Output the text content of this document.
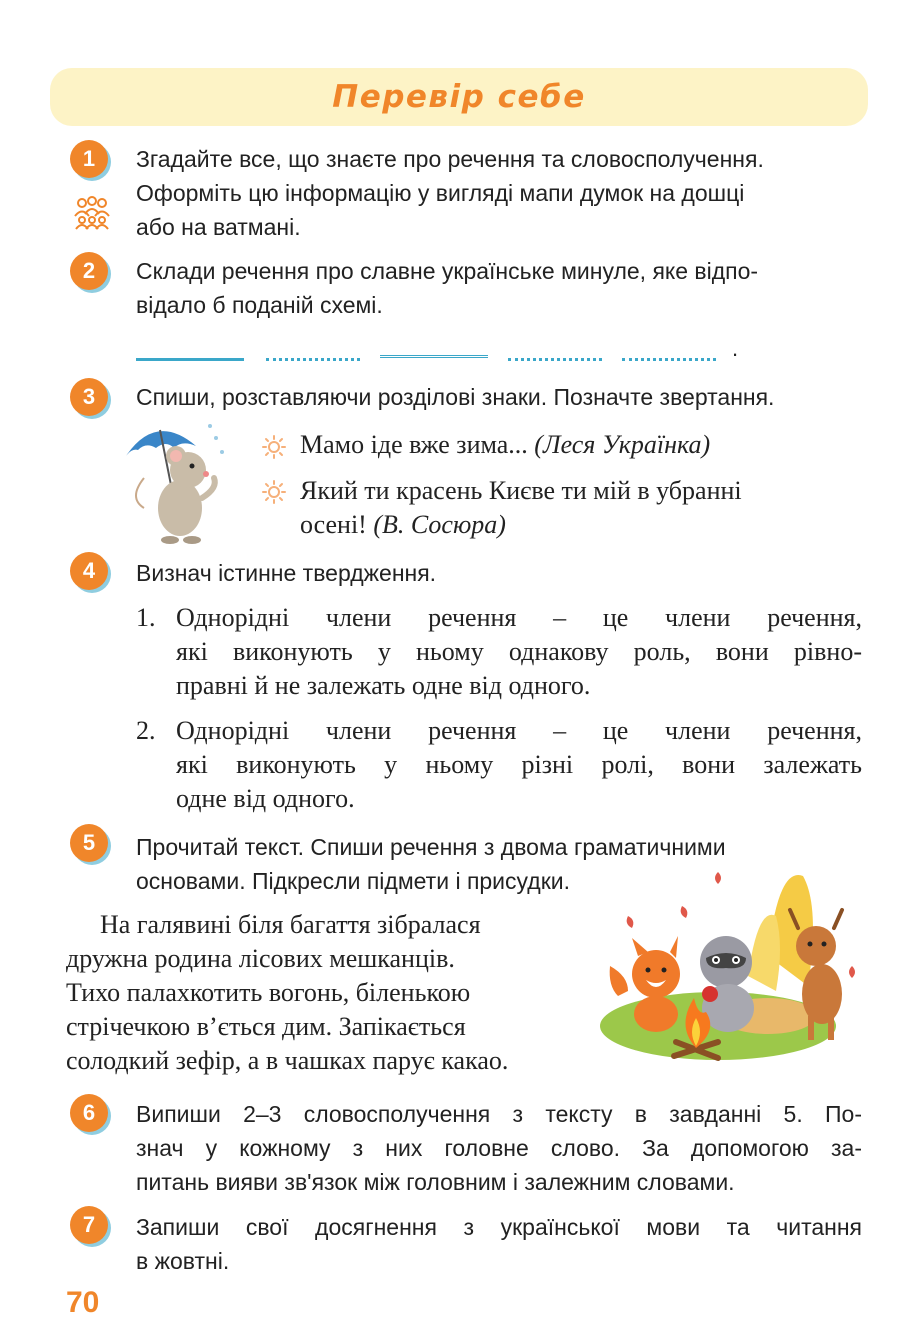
Перевір себе
1	Згадайте все, що знаєте про речення та словосполучення.
Оформіть цю інформацію у вигляді мапи думок на дошці
або на ватмані.
2	Склади речення про славне українське минуле, яке відпо-
відало б поданій схемі.
.
3	Спиши, розставляючи розділові знаки. Позначте звертання.
Мамо іде вже зима... (Леся Українка)
Який ти красень Києве ти мій в убранні
осені! (В. Сосюра)
4	Визнач істинне твердження.
1. Однорідні члени речення – це члени речення,
які виконують у ньому однакову роль, вони рівно-
правні й не залежать одне від одного.
2. Однорідні члени речення – це члени речення,
які виконують у ньому різні ролі, вони залежать
одне від одного.
5	Прочитай текст. Спиши речення з двома граматичними
основами. Підкресли підмети і присудки.
На галявині біля багаття зібралася
дружна родина лісових мешканців.
Тихо палахкотить вогонь, біленькою
стрічечкою в’ється дим. Запікається
солодкий зефір, а в чашках парує какао.
6	Випиши 2–3 словосполучення з тексту в завданні 5. По-
знач у кожному з них головне слово. За допомогою за-
питань вияви зв'язок між головним і залежним словами.
7	Запиши свої досягнення з української мови та читання
в жовтні.
70
